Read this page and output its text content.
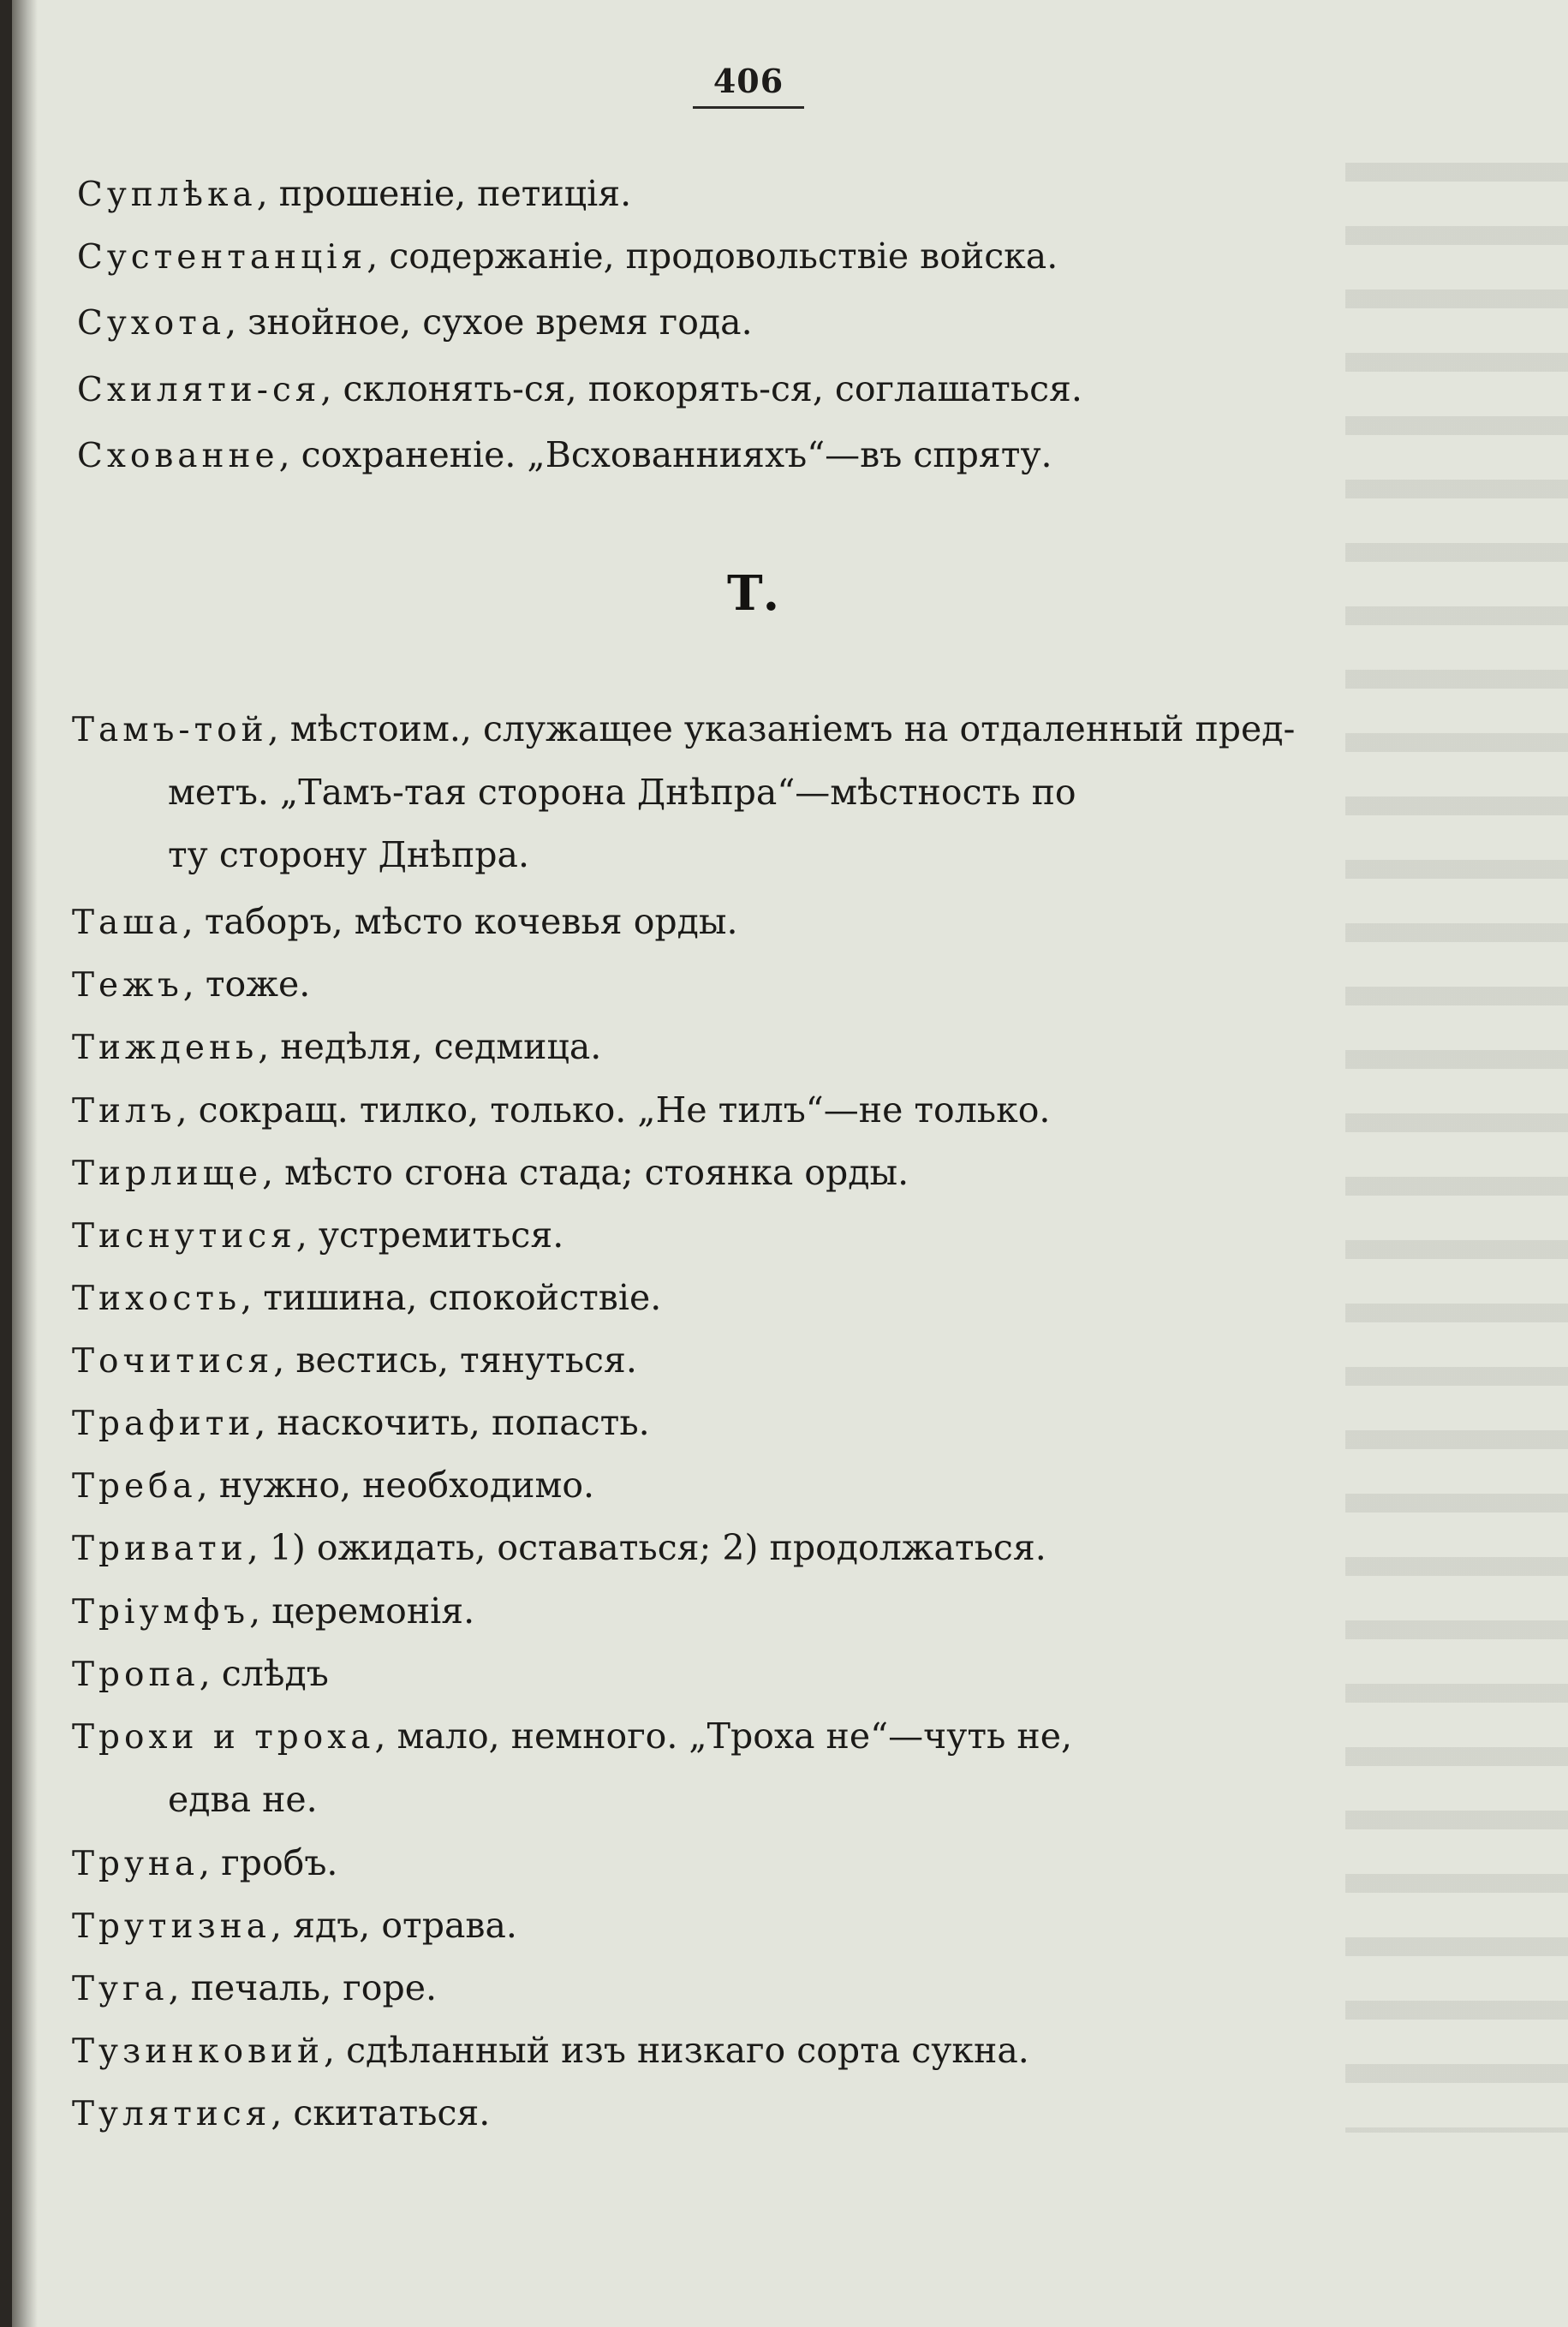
406

Суплѣка, прошеніе, петиція.

Сустентанція, содержаніе, продовольствіе войска.

Сухота, знойное, сухое время года.

Схиляти-ся, склонять-ся, покорять-ся, соглашаться.

Схованне, сохраненіе. „Всхованнияхъ“—въ спряту.

Т.

Тамъ-той, мѣстоим., служащее указаніемъ на отдаленный пред-
метъ. „Тамъ-тая сторона Днѣпра“—мѣстность по
ту сторону Днѣпра.

Таша, таборъ, мѣсто кочевья орды.

Тежъ, тоже.

Тиждень, недѣля, седмица.

Тилъ, сокращ. тилко, только. „Не тилъ“—не только.

Тирлище, мѣсто сгона стада; стоянка орды.

Тиснутися, устремиться.

Тихость, тишина, спокойствіе.

Точитися, вестись, тянуться.

Трафити, наскочить, попасть.

Треба, нужно, необходимо.

Тривати, 1) ожидать, оставаться; 2) продолжаться.

Тріумфъ, церемонія.

Тропа, слѣдъ

Трохи и троха, мало, немного. „Троха не“—чуть не,
едва не.

Труна, гробъ.

Трутизна, ядъ, отрава.

Туга, печаль, горе.

Тузинковий, сдѣланный изъ низкаго сорта сукна.

Тулятися, скитаться.
